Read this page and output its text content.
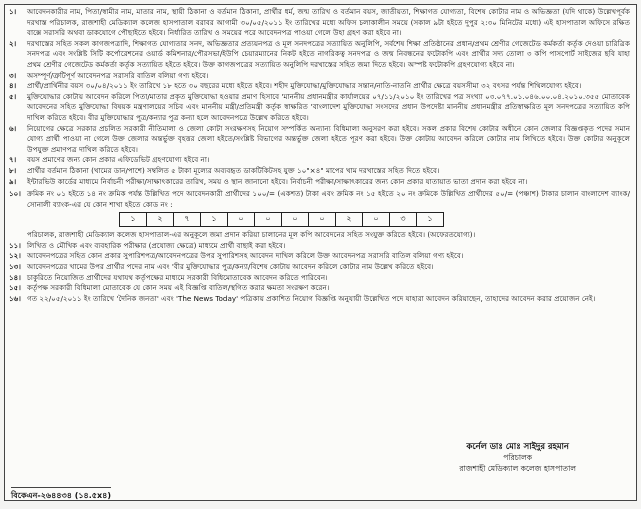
১।	আবেদনকারীর নাম, পিতা/স্বামীর নাম, মাতার নাম, স্থায়ী ঠিকানা ও বর্তমান ঠিকানা, প্রার্থীর ধর্ম, জন্ম তারিখ ও বর্তমান বয়স, জাতীয়তা, শিক্ষাগত যোগ্যতা, বিশেষ কোটার নাম ও অভিজ্ঞতা (যদি থাকে) উল্লেখপূর্বক দরখাস্ত পরিচালক, রাজশাহী মেডিক্যাল কলেজ হাসপাতাল বরাবর আগামী ৩০/০৫/২০১১ ইং তারিখের মধ্যে অফিস চলাকালীন সময়ে (সকাল ৯টা হইতে দুপুর ২:৩০ মিনিটের মধ্যে) এই হাসপাতাল অফিসে রক্ষিত বাক্সে সরাসরি অথবা ডাকযোগে পৌছাইতে হইবে। নির্ধারিত তারিখ ও সময়ের পরে আবেদনপত্র পাওয়া গেলে উহা গ্রহণ করা হইবে না।
২।	দরখাস্তের সহিত সকল কাগজপত্রাদি, শিক্ষাগত যোগ্যতার সনদ, অভিজ্ঞতার প্রত্যয়নপত্র ও মূল সনদপত্রের সত্যায়িত অনুলিপি, সর্বশেষ শিক্ষা প্রতিষ্ঠানের প্রধান/প্রথম শ্রেণীর গেজেটেড কর্মকর্তা কর্তৃক দেওয়া চারিত্রিক সনদপত্র এবং সংশ্লিষ্ট সিটি কর্পোরেশনের ওয়ার্ড কমিশনার/পৌরসভা/ইউপি চেয়ারম্যানের নিকট হইতে নাগরিকত্ব সনদপত্র ও জন্ম নিবন্ধনের ফটোকপি এবং প্রার্থীর সদ্য তোলা ৩ কপি পাসপোর্ট সাইজের ছবি যাহা প্রথম শ্রেণীর গেজেটেড কর্মকর্তা কর্তৃক সত্যায়িত হইতে হইবে। উক্ত কাগজপত্রের সত্যায়িত অনুলিপি দরখাস্তের সহিত জমা দিতে হইবে। অস্পষ্ট ফটোকপি গ্রহণযোগ্য হইবে না।
৩।	অসম্পূর্ণ/ত্রুটিপূর্ণ আবেদনপত্র সরাসরি বাতিল বলিয়া গণ্য হইবে।
৪।	প্রার্থী/প্রার্থিনীর বয়স ৩০/০৪/২০১১ ইং তারিখে ১৮ হতে ৩০ বছরের মধ্যে হইতে হইবে। শহীদ মুক্তিযোদ্ধা/মুক্তিযোদ্ধার সন্তান/নাতি-নাতনি প্রার্থীর ক্ষেত্রে বয়সসীমা ৩২ বৎসর পর্যন্ত শিথিলযোগ্য হইবে।
৫।	মুক্তিযোদ্ধার কোটায় আবেদন করিলে পিতা/মাতার প্রকৃত মুক্তিযোদ্ধা হওয়ার প্রমাণ হিসাবে 'মাননীয় প্রধানমন্ত্রীর কার্যালয়ের ০৭/১১/২০১০ ইং তারিখের পত্র সংখ্যা ০৩.০৭৭.০১.০৪৬.০০.০৪.২০১০.৩৫৫ মোতাবেক আবেদনের সহিত মুক্তিযোদ্ধা বিষয়ক মন্ত্রণালয়ের সচিব এবং মাননীয় মন্ত্রী/প্রতিমন্ত্রী কর্তৃক স্বাক্ষরিত 'বাংলাদেশ মুক্তিযোদ্ধা সংসদের প্রধান উপদেষ্টা মাননীয় প্রধানমন্ত্রীর প্রতিস্বাক্ষরিত মূল সনদপত্রের সত্যায়িত কপি দাখিল করিতে হইবে। বীর মুক্তিযোদ্ধার পুত্র/কন্যার পুত্র কন্যা হলে আবেদনপত্রে উল্লেখ করিতে হইবে।
৬।	নিয়োগের ক্ষেত্রে সরকার প্রচলিত সরকারী নীতিমালা ও জেলা কোটা সংরক্ষণসহ নিয়োগ সম্পর্কিত অন্যান্য বিধিমালা অনুসরণ করা হইবে। সকল প্রকার বিশেষ কোটার অধীনে কোন জেলার বিজ্ঞপ্তকৃত পদের সমান যোগ্য প্রার্থী পাওয়া না গেলে উক্ত জেলার অন্তর্ভুক্ত বৃহত্তর জেলা হইতে/সংশ্লিষ্ট বিভাগের অন্তর্ভুক্ত জেলা হইতে পূরণ করা হইবে। উক্ত কোটায় আবেদন করিলে কোটার নাম লিখিতে হইবে। উক্ত কোটার অনুকূলে উপযুক্ত প্রমাণপত্র দাখিল করিতে হইবে।
৭।	বয়স প্রমাণের জন্য কোন প্রকার এফিডেভিট গ্রহণযোগ্য হইবে না।
৮।	প্রার্থীর বর্তমান ঠিকানা (খামের ডান/পাশে) সম্বলিত ৫ টাকা মূল্যের অব্যবহৃত ডাকটিকিটসহ যুক্ত ১০"×৪" মাপের খাম দরখাস্তের সহিত দিতে হইবে।
৯।	ইন্টারভিউ কার্ডের মাধ্যমে নির্বাচনী পরীক্ষা/সাক্ষাৎকারের তারিখ, সময় ও স্থান জানানো হইবে। নির্বাচনী পরীক্ষা/সাক্ষাৎকারের জন্য কোন প্রকার যাতায়াত ভাতা প্রদান করা হইবে না।
১০। ক্রমিক নং ০১ হইতে ১৪ নং ক্রমিক পর্যন্ত উল্লিখিত পদে আবেদনকারী প্রার্থীদের ১০০/= (একশত) টাকা এবং ক্রমিক নং ১৫ হইতে ২০ নং ক্রমিকে উল্লিখিত প্রার্থীদের ৫০/= (পঞ্চাশ) টাকার চালান বাংলাদেশ ব্যাংক/সোনালী ব্যাংক-এর যে কোন শাখা হইতে কোড নং :
১	২	৭	১	০	০	০	০	২	০	৩	১
পরিচালক, রাজশাহী মেডিক্যাল কলেজ হাসপাতাল-এর অনুকূলে জমা প্রদান করিয়া চালানের মূল কপি আবেদনের সহিত সংযুক্ত করিতে হইবে। (অফেরতযোগ্য)।
১১। লিখিত ও মৌখিক এবং ব্যবহারিক পরীক্ষার (প্রযোজ্য ক্ষেত্রে) মাধ্যমে প্রার্থী বাছাই করা হইবে।
১২। আবেদনপত্রের সহিত কোন প্রকার সুপারিশপত্র/আবেদনপত্রের উপর সুপারিশসহ আবেদন দাখিল করিলে উক্ত আবেদনপত্র সরাসরি বাতিল বলিয়া গণ্য হইবে।
১৩। আবেদনপত্রের খামের উপর প্রার্থীর পদের নাম এবং 'বীর মুক্তিযোদ্ধার পুত্র/কন্যা/বিশেষ কোটায় আবেদন করিলে কোটার নাম উল্লেখ করিতে হইবে।
১৪। চাকুরিতে নিয়োজিত প্রার্থীদের যথাযথ কর্তৃপক্ষের মাধ্যমে সরকারী বিধিমোতাবেক আবেদন করিতে পারিবেন।
১৫। কর্তৃপক্ষ সরকারী বিধিমালা মোতাবেক যে কোন সময় এই বিজ্ঞপ্তি বাতিল/স্থগিত করার ক্ষমতা সংরক্ষণ করেন।
১৬। গত ২২/০৫/২০১১ ইং তারিখে 'দৈনিক জনতা' এবং 'The News Today' পত্রিকায় প্রকাশিত নিয়োগ বিজ্ঞপ্তি অনুযায়ী উল্লেখিত পদে যাহারা আবেদন করিয়াছেন, তাহাদের আবেদন করার প্রয়োজন নেই।
কর্নেল ডাঃ মোঃ সাইদুর রহমান
পরিচালক
রাজশাহী মেডিক্যাল কলেজ হাসপাতাল
বিকেএন-২৬৪৪৩৪ (১৪.৫x৪)
